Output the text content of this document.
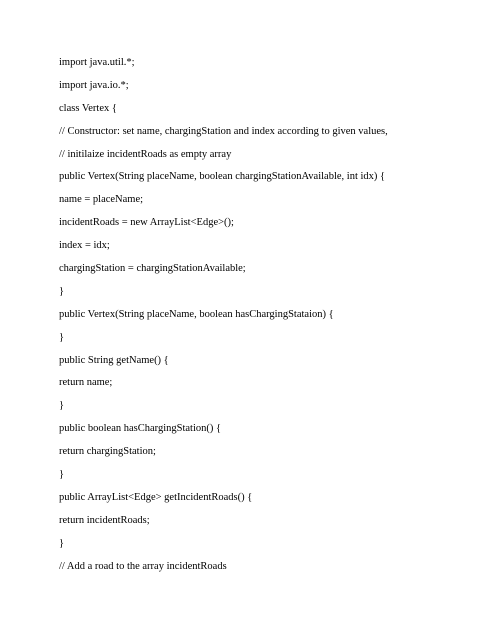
import java.util.*;
import java.io.*;
class Vertex {
// Constructor: set name, chargingStation and index according to given values,
// initilaize incidentRoads as empty array
public Vertex(String placeName, boolean chargingStationAvailable, int idx) {
name = placeName;
incidentRoads = new ArrayList<Edge>();
index = idx;
chargingStation = chargingStationAvailable;
}
public Vertex(String placeName, boolean hasChargingStataion) {
}
public String getName() {
return name;
}
public boolean hasChargingStation() {
return chargingStation;
}
public ArrayList<Edge> getIncidentRoads() {
return incidentRoads;
}
// Add a road to the array incidentRoads
